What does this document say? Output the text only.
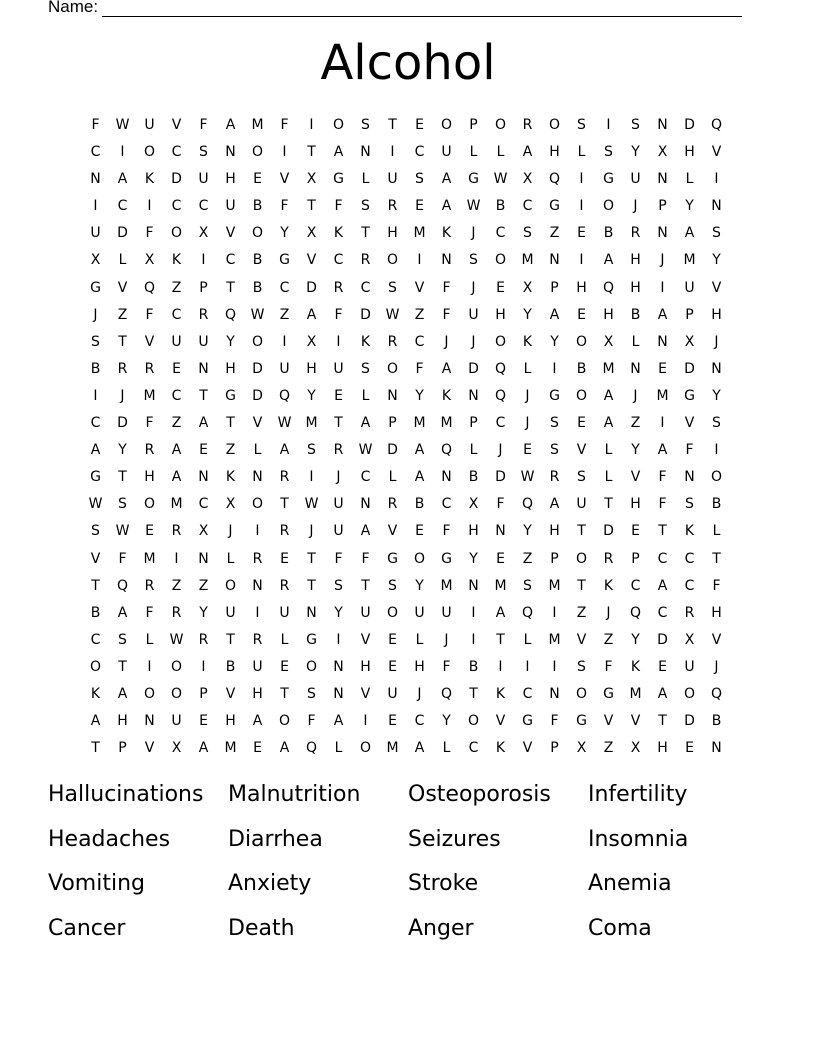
Name:
Alcohol
F	W	U	V	F	A	M	F	I	O	S	T	E	O	P	O	R	O	S	I	S	N	D	Q
C	I	O	C	S	N	O	I	T	A	N	I	C	U	L	L	A	H	L	S	Y	X	H	V
N	A	K	D	U	H	E	V	X	G	L	U	S	A	G	W	X	Q	I	G	U	N	L	I
I	C	I	C	C	U	B	F	T	F	S	R	E	A	W	B	C	G	I	O	J	P	Y	N
U	D	F	O	X	V	O	Y	X	K	T	H	M	K	J	C	S	Z	E	B	R	N	A	S
X	L	X	K	I	C	B	G	V	C	R	O	I	N	S	O	M	N	I	A	H	J	M	Y
G	V	Q	Z	P	T	B	C	D	R	C	S	V	F	J	E	X	P	H	Q	H	I	U	V
J	Z	F	C	R	Q	W	Z	A	F	D	W	Z	F	U	H	Y	A	E	H	B	A	P	H
S	T	V	U	U	Y	O	I	X	I	K	R	C	J	J	O	K	Y	O	X	L	N	X	J
B	R	R	E	N	H	D	U	H	U	S	O	F	A	D	Q	L	I	B	M	N	E	D	N
I	J	M	C	T	G	D	Q	Y	E	L	N	Y	K	N	Q	J	G	O	A	J	M	G	Y
C	D	F	Z	A	T	V	W	M	T	A	P	M	M	P	C	J	S	E	A	Z	I	V	S
A	Y	R	A	E	Z	L	A	S	R	W	D	A	Q	L	J	E	S	V	L	Y	A	F	I
G	T	H	A	N	K	N	R	I	J	C	L	A	N	B	D	W	R	S	L	V	F	N	O
W	S	O	M	C	X	O	T	W	U	N	R	B	C	X	F	Q	A	U	T	H	F	S	B
S	W	E	R	X	J	I	R	J	U	A	V	E	F	H	N	Y	H	T	D	E	T	K	L
V	F	M	I	N	L	R	E	T	F	F	G	O	G	Y	E	Z	P	O	R	P	C	C	T
T	Q	R	Z	Z	O	N	R	T	S	T	S	Y	M	N	M	S	M	T	K	C	A	C	F
B	A	F	R	Y	U	I	U	N	Y	U	O	U	U	I	A	Q	I	Z	J	Q	C	R	H
C	S	L	W	R	T	R	L	G	I	V	E	L	J	I	T	L	M	V	Z	Y	D	X	V
O	T	I	O	I	B	U	E	O	N	H	E	H	F	B	I	I	I	S	F	K	E	U	J
K	A	O	O	P	V	H	T	S	N	V	U	J	Q	T	K	C	N	O	G	M	A	O	Q
A	H	N	U	E	H	A	O	F	A	I	E	C	Y	O	V	G	F	G	V	V	T	D	B
T	P	V	X	A	M	E	A	Q	L	O	M	A	L	C	K	V	P	X	Z	X	H	E	N
Hallucinations	Malnutrition	Osteoporosis	Infertility
Headaches	Diarrhea	Seizures	Insomnia
Vomiting	Anxiety	Stroke	Anemia
Cancer	Death	Anger	Coma
